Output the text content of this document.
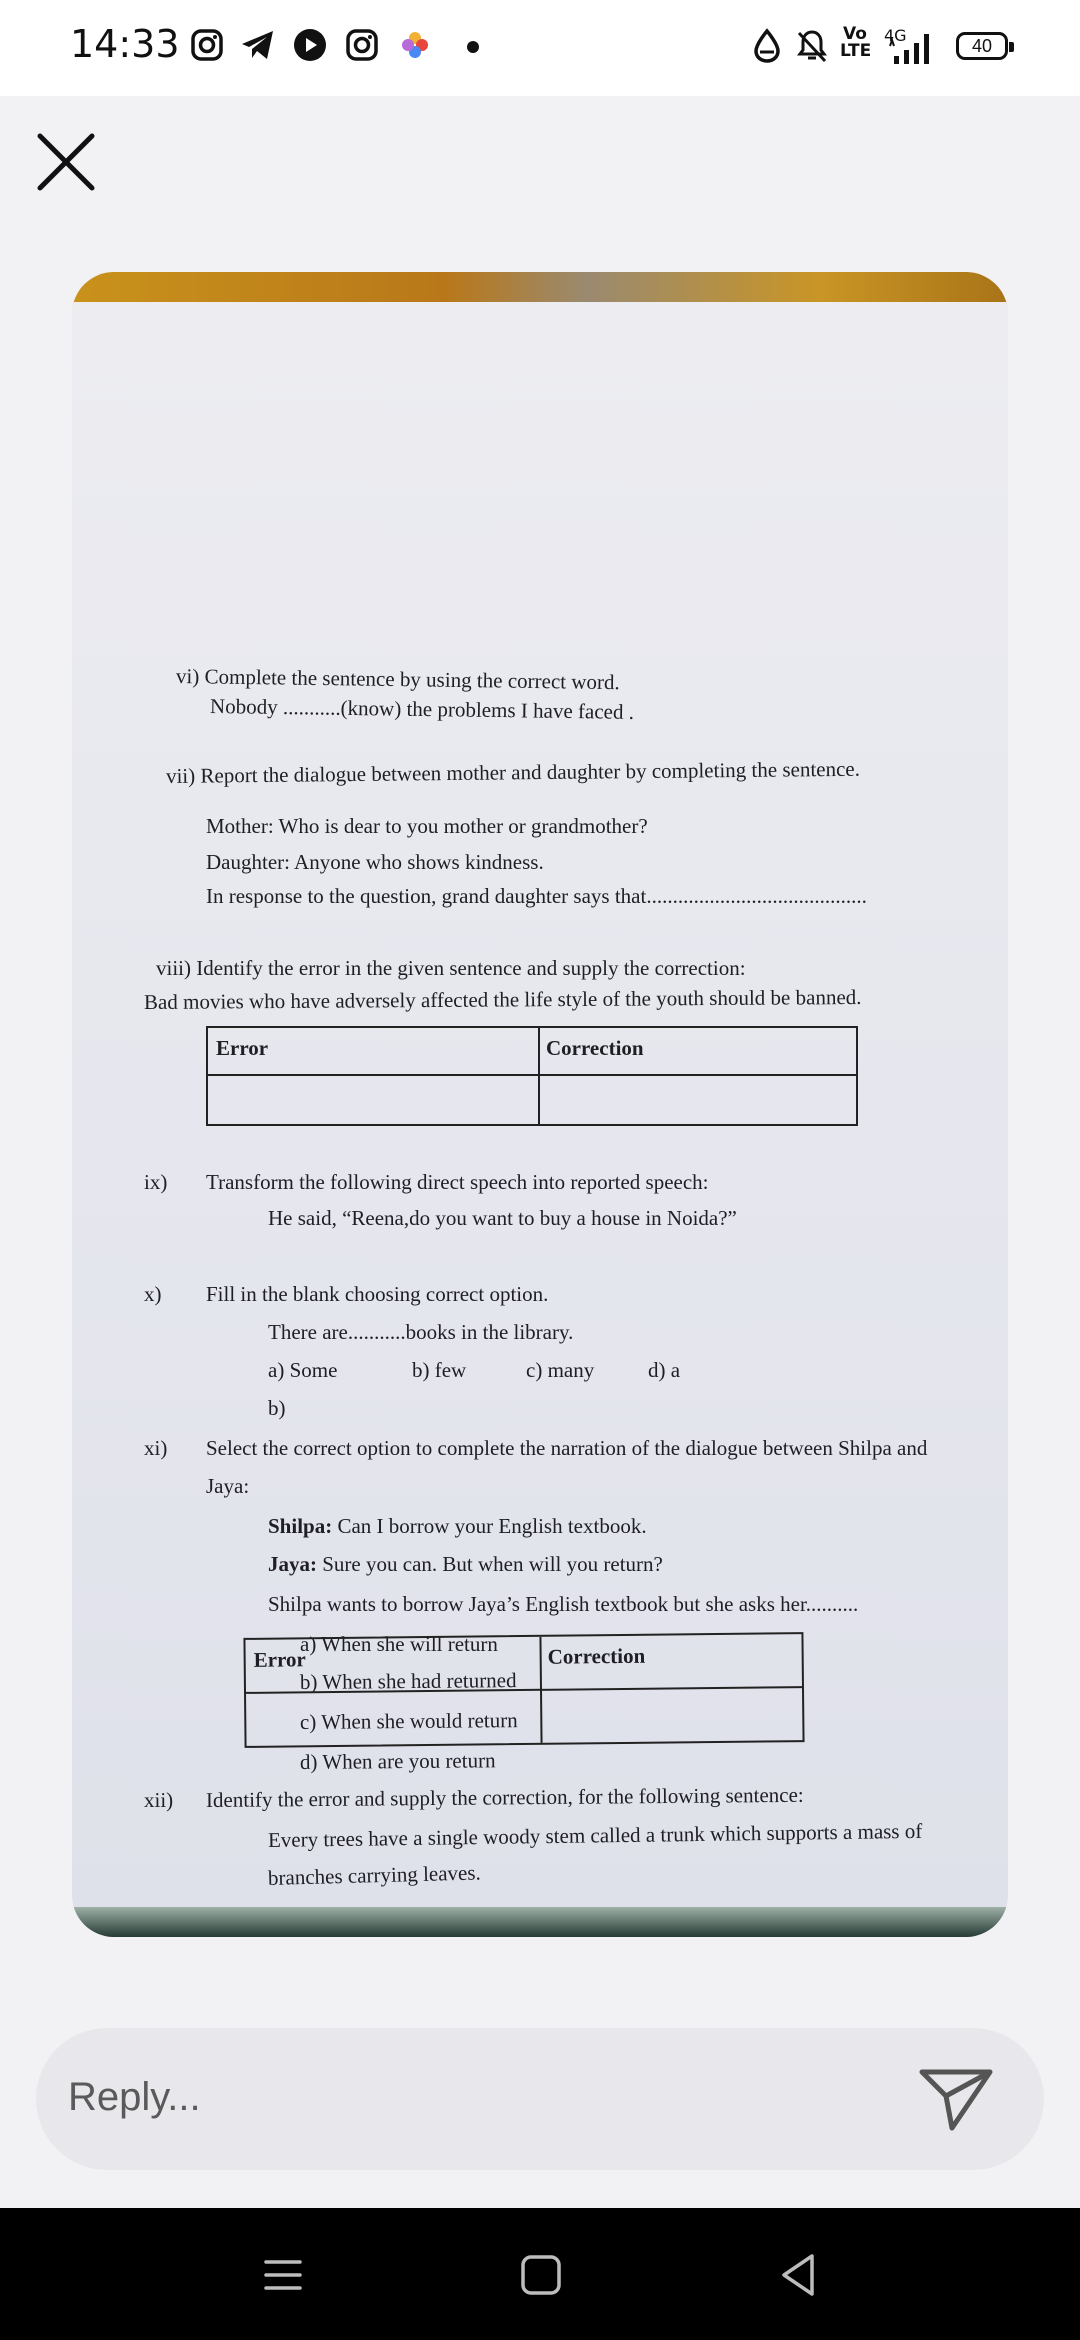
14:33	Vo LTE
4G
40
vi) Complete the sentence by using the correct word.
Nobody ...........(know) the problems I have faced .
vii) Report the dialogue between mother and daughter by completing the sentence.
Mother: Who is dear to you mother or grandmother?
Daughter: Anyone who shows kindness.
In response to the question, grand daughter says that..........................................
viii) Identify the error in the given sentence and supply the correction:
Bad movies who have adversely affected the life style of the youth should be banned.
Error	Correction
ix) Transform the following direct speech into reported speech:
He said, “Reena,do you want to buy a house in Noida?”
x) Fill in the blank choosing correct option.
There are...........books in the library.
a) Some	b) few	c) many	d) a
b)
xi) Select the correct option to complete the narration of the dialogue between Shilpa and
Jaya:
Shilpa: Can I borrow your English textbook.
Jaya: Sure you can. But when will you return?
Shilpa wants to borrow Jaya’s English textbook but she asks her..........
a) When she will return
b) When she had returned
c) When she would return
d) When are you return
xii) Identify the error and supply the correction, for the following sentence:
Every trees have a single woody stem called a trunk which supports a mass of
branches carrying leaves.
Error	Correction
Reply...
